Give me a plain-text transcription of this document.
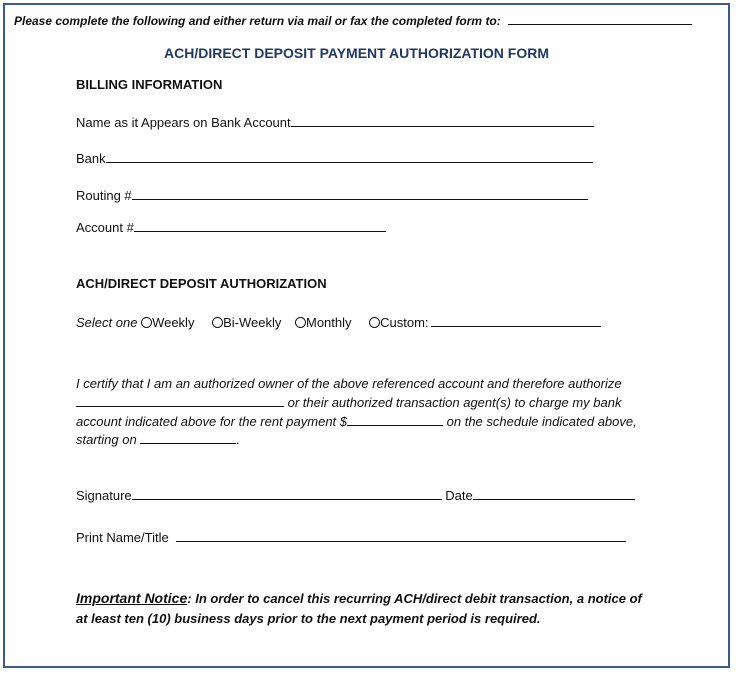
Please complete the following and either return via mail or fax the completed form to:
ACH/DIRECT DEPOSIT PAYMENT AUTHORIZATION FORM
BILLING INFORMATION
Name as it Appears on Bank Account
Bank
Routing #
Account #
ACH/DIRECT DEPOSIT AUTHORIZATION
Select one Weekly Bi-Weekly Monthly Custom:
I certify that I am an authorized owner of the above referenced account and therefore authorize
or their authorized transaction agent(s) to charge my bank
account indicated above for the rent payment $	on the schedule indicated above,
starting on	.
Signature	Date
Print Name/Title
Important Notice: In order to cancel this recurring ACH/direct debit transaction, a notice of
at least ten (10) business days prior to the next payment period is required.
